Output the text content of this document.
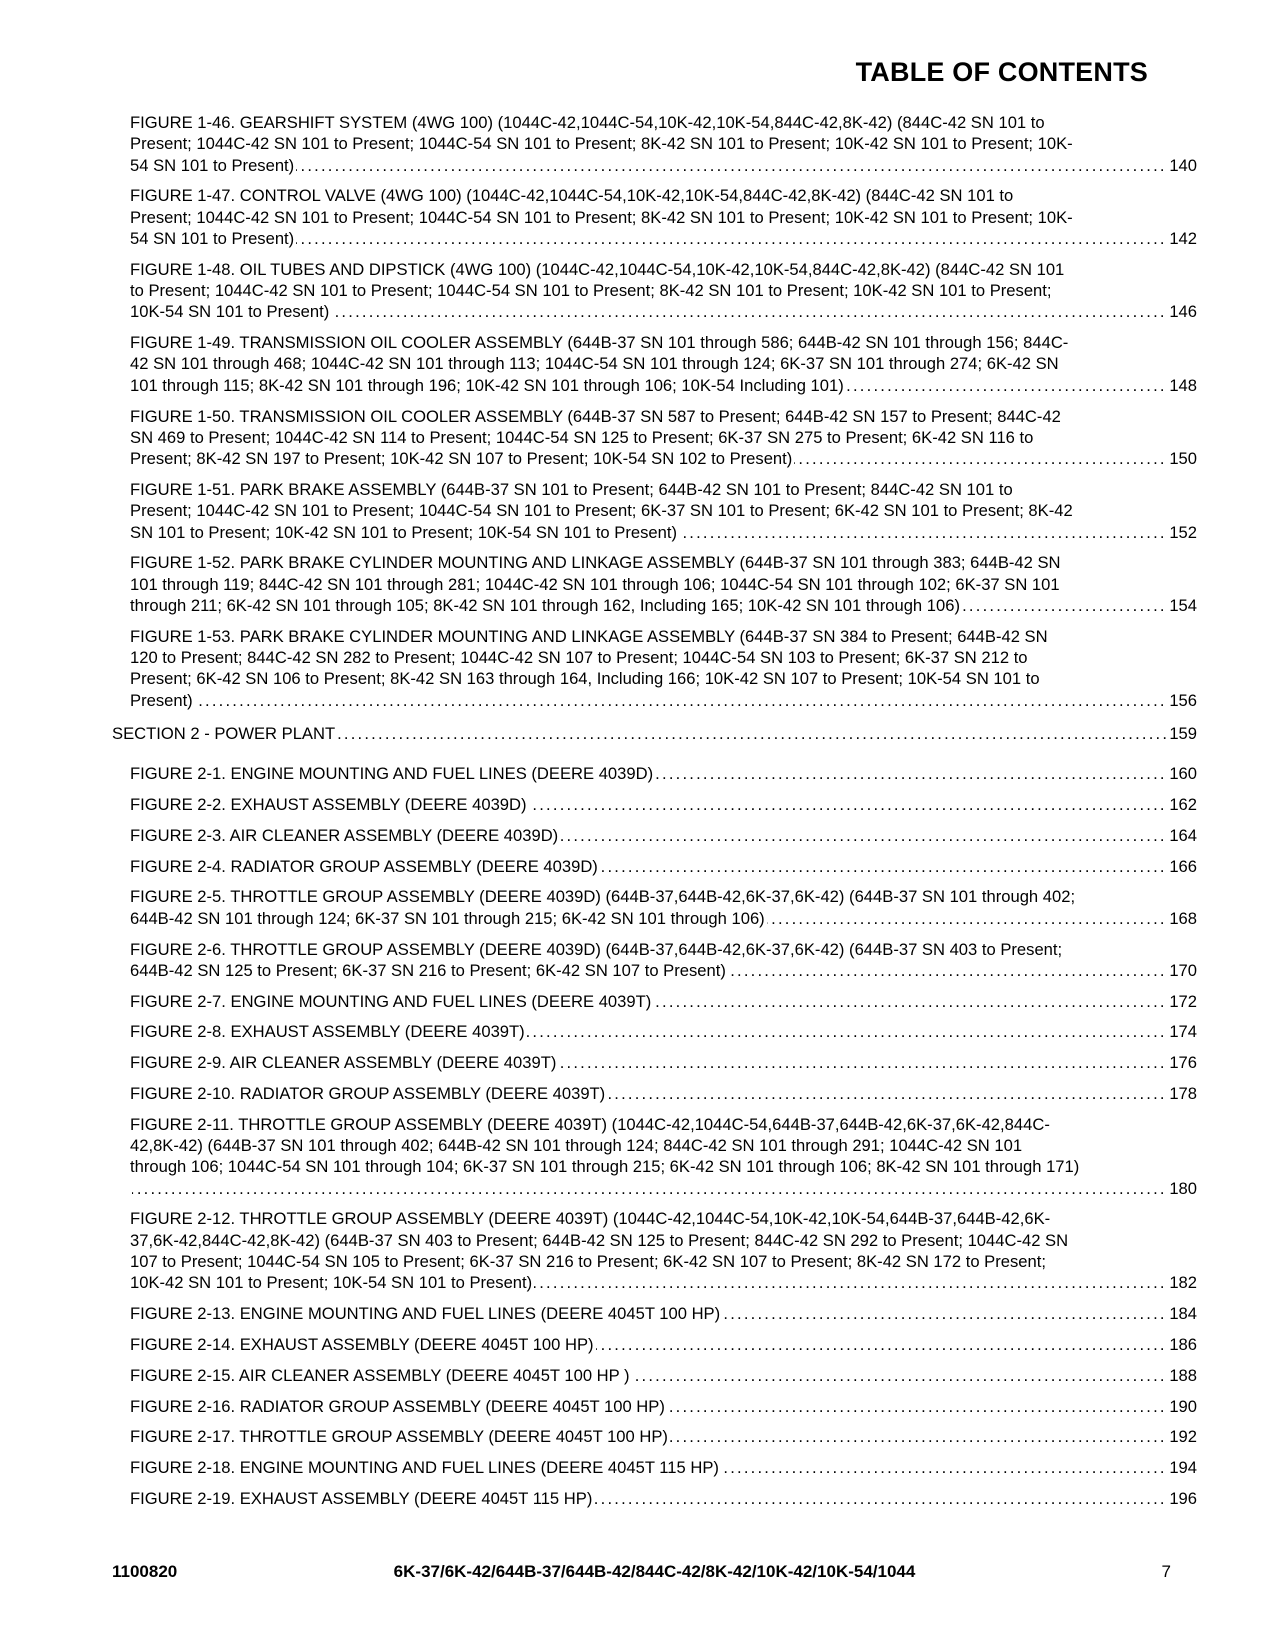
TABLE OF CONTENTS
FIGURE 1-46. GEARSHIFT SYSTEM (4WG 100) (1044C-42,1044C-54,10K-42,10K-54,844C-42,8K-42) (844C-42 SN 101 to
Present; 1044C-42 SN 101 to Present; 1044C-54 SN 101 to Present; 8K-42 SN 101 to Present; 10K-42 SN 101 to Present; 10K-
140
54 SN 101 to Present) . . .
FIGURE 1-47. CONTROL VALVE (4WG 100) (1044C-42,1044C-54,10K-42,10K-54,844C-42,8K-42) (844C-42 SN 101 to
Present; 1044C-42 SN 101 to Present; 1044C-54 SN 101 to Present; 8K-42 SN 101 to Present; 10K-42 SN 101 to Present; 10K-
142
54 SN 101 to Present) . . .
FIGURE 1-48. OIL TUBES AND DIPSTICK (4WG 100) (1044C-42,1044C-54,10K-42,10K-54,844C-42,8K-42) (844C-42 SN 101
to Present; 1044C-42 SN 101 to Present; 1044C-54 SN 101 to Present; 8K-42 SN 101 to Present; 10K-42 SN 101 to Present;
146
10K-54 SN 101 to Present) . . .
FIGURE 1-49. TRANSMISSION OIL COOLER ASSEMBLY (644B-37 SN 101 through 586; 644B-42 SN 101 through 156; 844C-
42 SN 101 through 468; 1044C-42 SN 101 through 113; 1044C-54 SN 101 through 124; 6K-37 SN 101 through 274; 6K-42 SN
148
101 through 115; 8K-42 SN 101 through 196; 10K-42 SN 101 through 106; 10K-54 Including 101) . . .
FIGURE 1-50. TRANSMISSION OIL COOLER ASSEMBLY (644B-37 SN 587 to Present; 644B-42 SN 157 to Present; 844C-42
SN 469 to Present; 1044C-42 SN 114 to Present; 1044C-54 SN 125 to Present; 6K-37 SN 275 to Present; 6K-42 SN 116 to
150
Present; 8K-42 SN 197 to Present; 10K-42 SN 107 to Present; 10K-54 SN 102 to Present) . . .
FIGURE 1-51. PARK BRAKE ASSEMBLY (644B-37 SN 101 to Present; 644B-42 SN 101 to Present; 844C-42 SN 101 to
Present; 1044C-42 SN 101 to Present; 1044C-54 SN 101 to Present; 6K-37 SN 101 to Present; 6K-42 SN 101 to Present; 8K-42
152
SN 101 to Present; 10K-42 SN 101 to Present; 10K-54 SN 101 to Present) . . .
FIGURE 1-52. PARK BRAKE CYLINDER MOUNTING AND LINKAGE ASSEMBLY (644B-37 SN 101 through 383; 644B-42 SN
101 through 119; 844C-42 SN 101 through 281; 1044C-42 SN 101 through 106; 1044C-54 SN 101 through 102; 6K-37 SN 101
154
through 211; 6K-42 SN 101 through 105; 8K-42 SN 101 through 162, Including 165; 10K-42 SN 101 through 106) . . .
FIGURE 1-53. PARK BRAKE CYLINDER MOUNTING AND LINKAGE ASSEMBLY (644B-37 SN 384 to Present; 644B-42 SN
120 to Present; 844C-42 SN 282 to Present; 1044C-42 SN 107 to Present; 1044C-54 SN 103 to Present; 6K-37 SN 212 to
Present; 6K-42 SN 106 to Present; 8K-42 SN 163 through 164, Including 166; 10K-42 SN 107 to Present; 10K-54 SN 101 to
156
Present) . . .
159
SECTION 2 - POWER PLANT . . .
160
FIGURE 2-1. ENGINE MOUNTING AND FUEL LINES (DEERE 4039D) . . .
162
FIGURE 2-2. EXHAUST ASSEMBLY (DEERE 4039D) . . .
164
FIGURE 2-3. AIR CLEANER ASSEMBLY (DEERE 4039D) . . .
166
FIGURE 2-4. RADIATOR GROUP ASSEMBLY (DEERE 4039D) . . .
FIGURE 2-5. THROTTLE GROUP ASSEMBLY (DEERE 4039D) (644B-37,644B-42,6K-37,6K-42) (644B-37 SN 101 through 402;
168
644B-42 SN 101 through 124; 6K-37 SN 101 through 215; 6K-42 SN 101 through 106) . . .
FIGURE 2-6. THROTTLE GROUP ASSEMBLY (DEERE 4039D) (644B-37,644B-42,6K-37,6K-42) (644B-37 SN 403 to Present;
170
644B-42 SN 125 to Present; 6K-37 SN 216 to Present; 6K-42 SN 107 to Present) . . .
172
FIGURE 2-7. ENGINE MOUNTING AND FUEL LINES (DEERE 4039T) . . .
174
FIGURE 2-8. EXHAUST ASSEMBLY (DEERE 4039T) . . .
176
FIGURE 2-9. AIR CLEANER ASSEMBLY (DEERE 4039T) . . .
178
FIGURE 2-10. RADIATOR GROUP ASSEMBLY (DEERE 4039T) . . .
FIGURE 2-11. THROTTLE GROUP ASSEMBLY (DEERE 4039T) (1044C-42,1044C-54,644B-37,644B-42,6K-37,6K-42,844C-
42,8K-42) (644B-37 SN 101 through 402; 644B-42 SN 101 through 124; 844C-42 SN 101 through 291; 1044C-42 SN 101
through 106; 1044C-54 SN 101 through 104; 6K-37 SN 101 through 215; 6K-42 SN 101 through 106; 8K-42 SN 101 through 171)
180
. . .
FIGURE 2-12. THROTTLE GROUP ASSEMBLY (DEERE 4039T) (1044C-42,1044C-54,10K-42,10K-54,644B-37,644B-42,6K-
37,6K-42,844C-42,8K-42) (644B-37 SN 403 to Present; 644B-42 SN 125 to Present; 844C-42 SN 292 to Present; 1044C-42 SN
107 to Present; 1044C-54 SN 105 to Present; 6K-37 SN 216 to Present; 6K-42 SN 107 to Present; 8K-42 SN 172 to Present;
182
10K-42 SN 101 to Present; 10K-54 SN 101 to Present) . . .
184
FIGURE 2-13. ENGINE MOUNTING AND FUEL LINES (DEERE 4045T 100 HP) . . .
186
FIGURE 2-14. EXHAUST ASSEMBLY (DEERE 4045T 100 HP) . . .
188
FIGURE 2-15. AIR CLEANER ASSEMBLY (DEERE 4045T 100 HP ) . . .
190
FIGURE 2-16. RADIATOR GROUP ASSEMBLY (DEERE 4045T 100 HP) . . .
192
FIGURE 2-17. THROTTLE GROUP ASSEMBLY (DEERE 4045T 100 HP) . . .
194
FIGURE 2-18. ENGINE MOUNTING AND FUEL LINES (DEERE 4045T 115 HP) . . .
196
FIGURE 2-19. EXHAUST ASSEMBLY (DEERE 4045T 115 HP) . . .
1100820	6K-37/6K-42/644B-37/644B-42/844C-42/8K-42/10K-42/10K-54/1044	7
